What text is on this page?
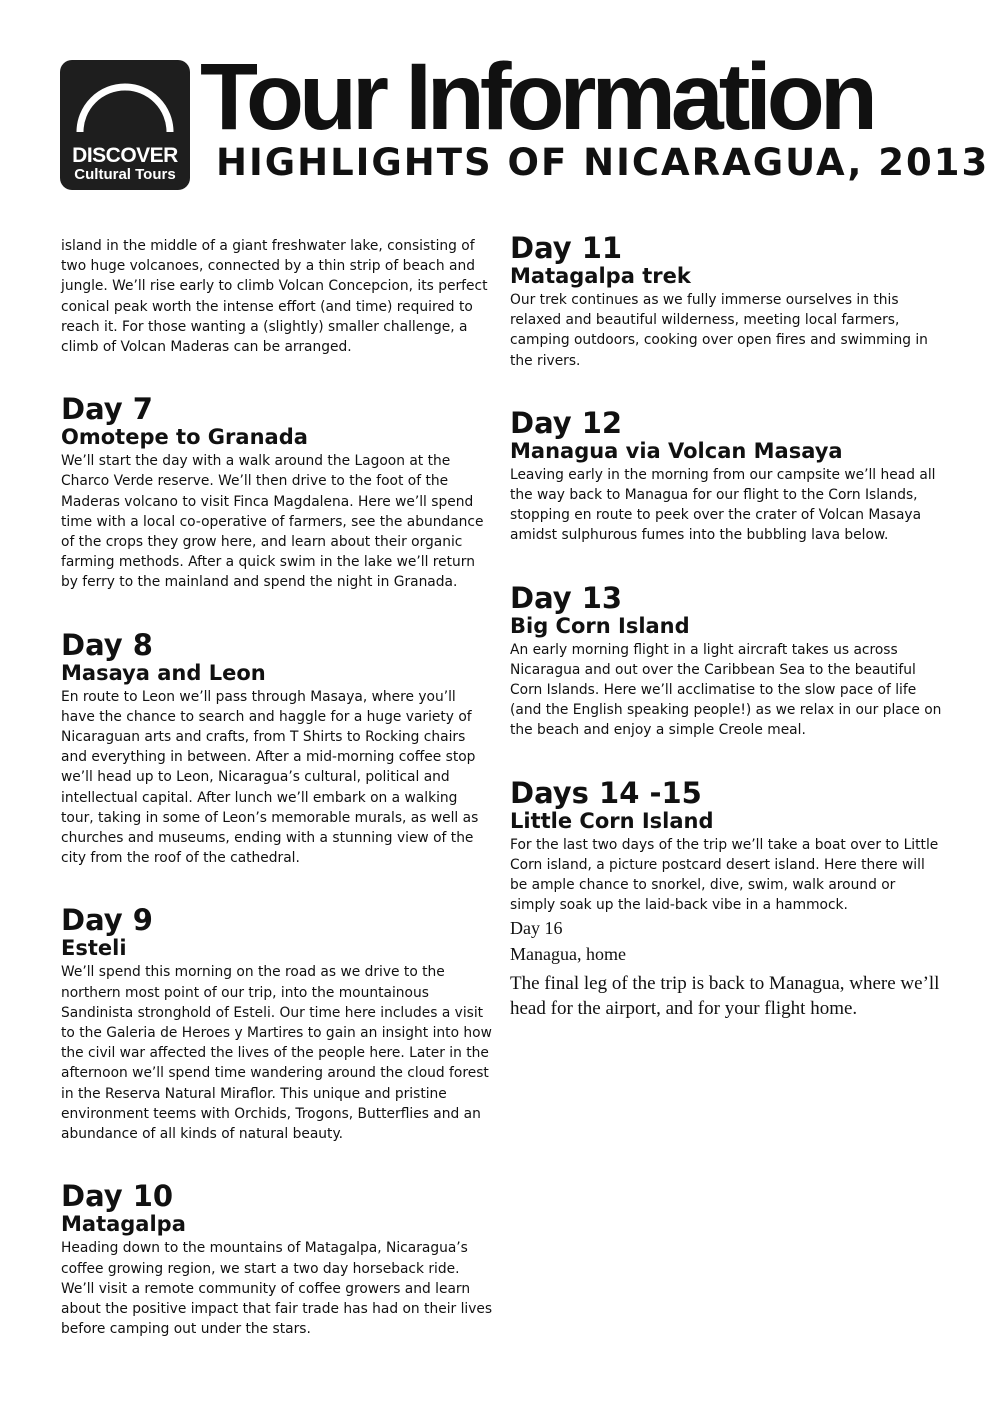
DISCOVER
Cultural Tours
Tour Information
HIGHLIGHTS OF NICARAGUA, 2013

island in the middle of a giant freshwater lake, consisting of two huge volcanoes, connected by a thin strip of beach and jungle. We’ll rise early to climb Volcan Concepcion, its perfect conical peak worth the intense effort (and time) required to reach it. For those wanting a (slightly) smaller challenge, a climb of Volcan Maderas can be arranged.

Day 7

Omotepe to Granada

We’ll start the day with a walk around the Lagoon at the Charco Verde reserve. We’ll then drive to the foot of the Maderas volcano to visit Finca Magdalena. Here we’ll spend time with a local co-operative of farmers, see the abundance of the crops they grow here, and learn about their organic farming methods. After a quick swim in the lake we’ll return by ferry to the mainland and spend the night in Granada.

Day 8

Masaya and Leon

En route to Leon we’ll pass through Masaya, where you’ll have the chance to search and haggle for a huge variety of Nicaraguan arts and crafts, from T Shirts to Rocking chairs and everything in between. After a mid-morning coffee stop we’ll head up to Leon, Nicaragua’s cultural, political and intellectual capital. After lunch we’ll embark on a walking tour, taking in some of Leon’s memorable murals, as well as churches and museums, ending with a stunning view of the city from the roof of the cathedral.

Day 9

Esteli

We’ll spend this morning on the road as we drive to the northern most point of our trip, into the mountainous Sandinista stronghold of Esteli. Our time here includes a visit to the Galeria de Heroes y Martires to gain an insight into how the civil war affected the lives of the people here. Later in the afternoon we’ll spend time wandering around the cloud forest in the Reserva Natural Miraflor. This unique and pristine environment teems with Orchids, Trogons, Butterflies and an abundance of all kinds of natural beauty.

Day 10

Matagalpa

Heading down to the mountains of Matagalpa, Nicaragua’s coffee growing region, we start a two day horseback ride. We’ll visit a remote community of coffee growers and learn about the positive impact that fair trade has had on their lives before camping out under the stars.

Day 11

Matagalpa trek

Our trek continues as we fully immerse ourselves in this relaxed and beautiful wilderness, meeting local farmers, camping outdoors, cooking over open fires and swimming in the rivers.

Day 12

Managua via Volcan Masaya

Leaving early in the morning from our campsite we’ll head all the way back to Managua for our flight to the Corn Islands, stopping en route to peek over the crater of Volcan Masaya amidst sulphurous fumes into the bubbling lava below.

Day 13

Big Corn Island

An early morning flight in a light aircraft takes us across Nicaragua and out over the Caribbean Sea to the beautiful Corn Islands. Here we’ll acclimatise to the slow pace of life (and the English speaking people!) as we relax in our place on the beach and enjoy a simple Creole meal.

Days 14 -15

Little Corn Island

For the last two days of the trip we’ll take a boat over to Little Corn island, a picture postcard desert island. Here there will be ample chance to snorkel, dive, swim, walk around or simply soak up the laid-back vibe in a hammock.

Day 16

Managua, home

The final leg of the trip is back to Managua, where we’ll head for the airport, and for your flight home.
